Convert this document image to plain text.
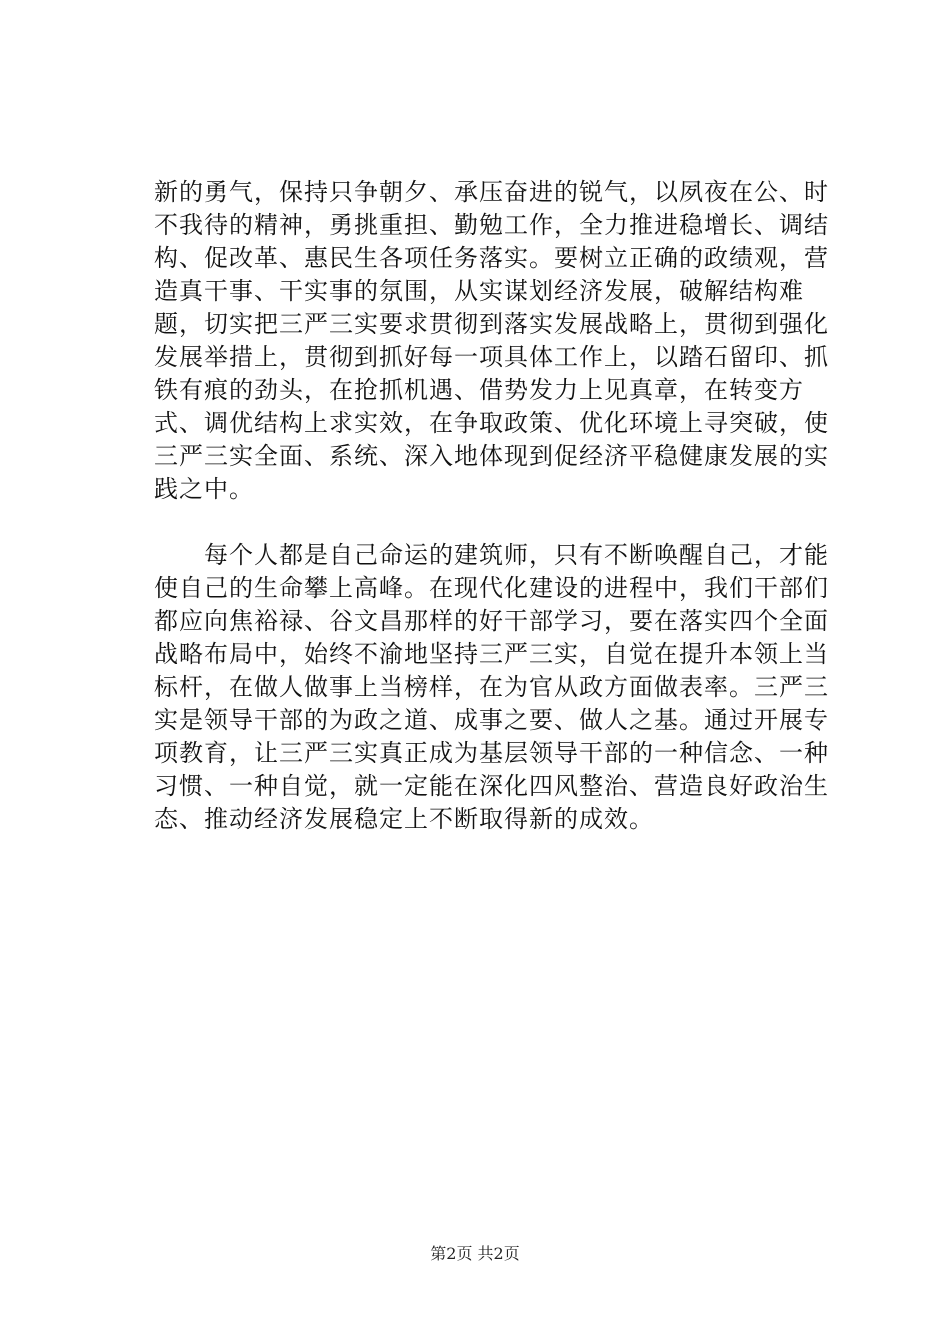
新的勇气，保持只争朝夕、承压奋进的锐气，以夙夜在公、时不我待的精神，勇挑重担、勤勉工作，全力推进稳增长、调结构、促改革、惠民生各项任务落实。要树立正确的政绩观，营造真干事、干实事的氛围，从实谋划经济发展，破解结构难题，切实把三严三实要求贯彻到落实发展战略上，贯彻到强化发展举措上，贯彻到抓好每一项具体工作上，以踏石留印、抓铁有痕的劲头，在抢抓机遇、借势发力上见真章，在转变方式、调优结构上求实效，在争取政策、优化环境上寻突破，使三严三实全面、系统、深入地体现到促经济平稳健康发展的实践之中。

每个人都是自己命运的建筑师，只有不断唤醒自己，才能使自己的生命攀上高峰。在现代化建设的进程中，我们干部们都应向焦裕禄、谷文昌那样的好干部学习，要在落实四个全面战略布局中，始终不渝地坚持三严三实，自觉在提升本领上当标杆，在做人做事上当榜样，在为官从政方面做表率。三严三实是领导干部的为政之道、成事之要、做人之基。通过开展专项教育，让三严三实真正成为基层领导干部的一种信念、一种习惯、一种自觉，就一定能在深化四风整治、营造良好政治生态、推动经济发展稳定上不断取得新的成效。

第2页 共2页
